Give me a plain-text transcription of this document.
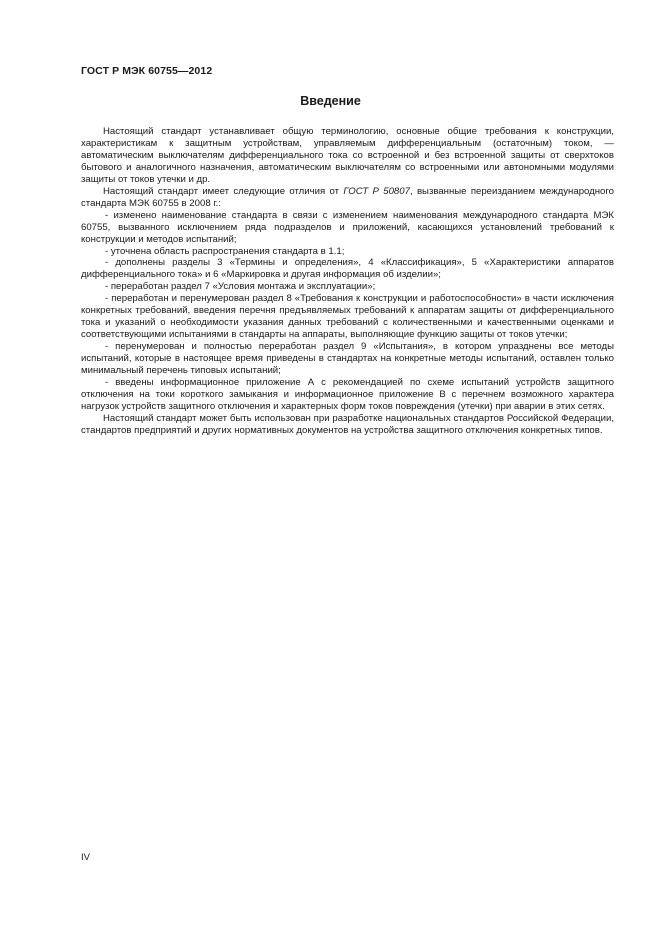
ГОСТ Р МЭК 60755—2012
Введение

Настоящий стандарт устанавливает общую терминологию, основные общие требования к конструкции, характеристикам к защитным устройствам, управляемым дифференциальным (остаточным) током, — автоматическим выключателям дифференциального тока со встроенной и без встроенной защиты от сверхтоков бытового и аналогичного назначения, автоматическим выключателям со встроенными или автономными модулями защиты от токов утечки и др.

Настоящий стандарт имеет следующие отличия от ГОСТ Р 50807, вызванные переизданием международного стандарта МЭК 60755 в 2008 г.:

- изменено наименование стандарта в связи с изменением наименования международного стандарта МЭК 60755, вызванного исключением ряда подразделов и приложений, касающихся установлений требований к конструкции и методов испытаний;

- уточнена область распространения стандарта в 1.1;

- дополнены разделы 3 «Термины и определения», 4 «Классификация», 5 «Характеристики аппаратов дифференциального тока» и 6 «Маркировка и другая информация об изделии»;

- переработан раздел 7 «Условия монтажа и эксплуатации»;

- переработан и перенумерован раздел 8 «Требования к конструкции и работоспособности» в части исключения конкретных требований, введения перечня предъявляемых требований к аппаратам защиты от дифференциального тока и указаний о необходимости указания данных требований с количественными и качественными оценками и соответствующими испытаниями в стандарты на аппараты, выполняющие функцию защиты от токов утечки;

- перенумерован и полностью переработан раздел 9 «Испытания», в котором упразднены все методы испытаний, которые в настоящее время приведены в стандартах на конкретные методы испытаний, оставлен только минимальный перечень типовых испытаний;

- введены информационное приложение А с рекомендацией по схеме испытаний устройств защитного отключения на токи короткого замыкания и информационное приложение В с перечнем возможного характера нагрузок устройств защитного отключения и характерных форм токов повреждения (утечки) при аварии в этих сетях.

Настоящий стандарт может быть использован при разработке национальных стандартов Российской Федерации, стандартов предприятий и других нормативных документов на устройства защитного отключения конкретных типов.

IV
